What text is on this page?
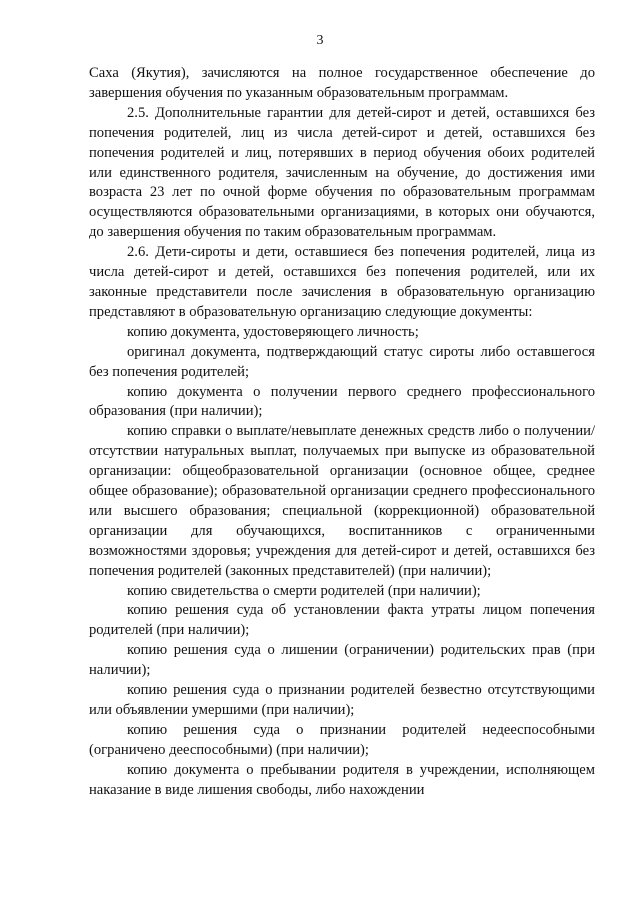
3

Саха (Якутия), зачисляются на полное государственное обеспечение до завершения обучения по указанным образовательным программам.

2.5. Дополнительные гарантии для детей-сирот и детей, оставшихся без попечения родителей, лиц из числа детей-сирот и детей, оставшихся без попечения родителей и лиц, потерявших в период обучения обоих родителей или единственного родителя, зачисленным на обучение, до достижения ими возраста 23 лет по очной форме обучения по образовательным программам осуществляются образовательными организациями, в которых они обучаются, до завершения обучения по таким образовательным программам.

2.6. Дети-сироты и дети, оставшиеся без попечения родителей, лица из числа детей-сирот и детей, оставшихся без попечения родителей, или их законные представители после зачисления в образовательную организацию представляют в образовательную организацию следующие документы:

копию документа, удостоверяющего личность;

оригинал документа, подтверждающий статус сироты либо оставшегося без попечения родителей;

копию документа о получении первого среднего профессионального образования (при наличии);

копию справки о выплате/невыплате денежных средств либо о получении/отсутствии натуральных выплат, получаемых при выпуске из образовательной организации: общеобразовательной организации (основное общее, среднее общее образование); образовательной организации среднего профессионального или высшего образования; специальной (коррекционной) образовательной организации для обучающихся, воспитанников с ограниченными возможностями здоровья; учреждения для детей-сирот и детей, оставшихся без попечения родителей (законных представителей) (при наличии);

копию свидетельства о смерти родителей (при наличии);

копию решения суда об установлении факта утраты лицом попечения родителей (при наличии);

копию решения суда о лишении (ограничении) родительских прав (при наличии);

копию решения суда о признании родителей безвестно отсутствующими или объявлении умершими (при наличии);

копию решения суда о признании родителей недееспособными (ограничено дееспособными) (при наличии);

копию документа о пребывании родителя в учреждении, исполняющем наказание в виде лишения свободы, либо нахождении
